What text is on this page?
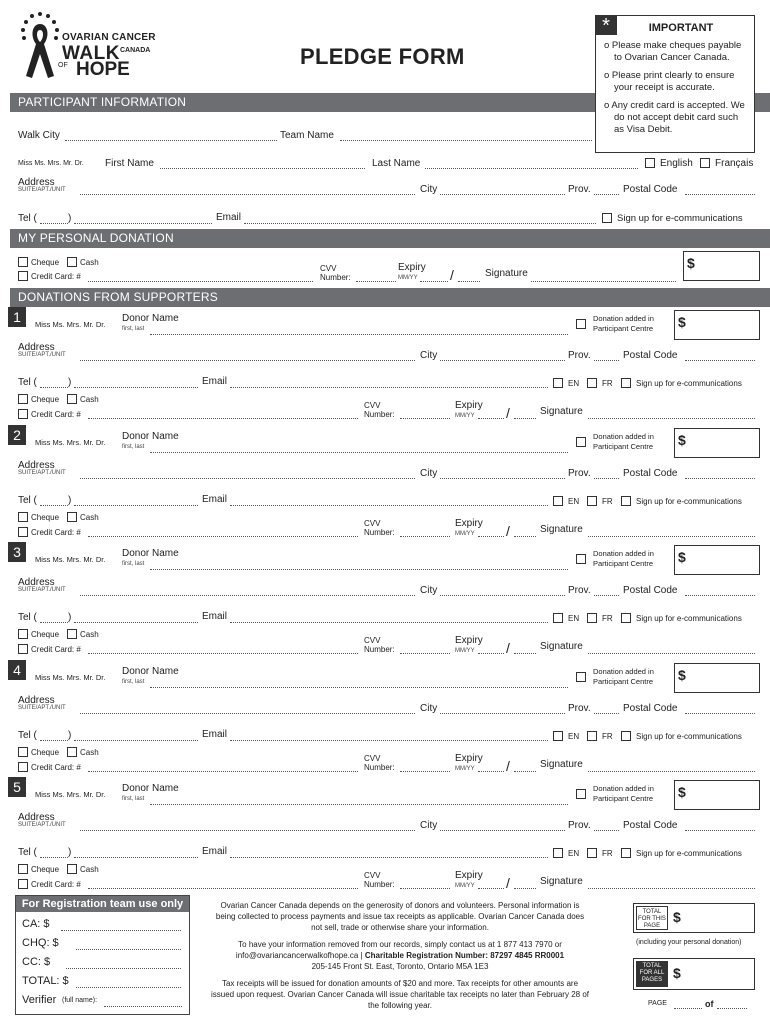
OVARIAN CANCER
WALK CANADA
OF HOPE
PLEDGE FORM
*	IMPORTANT
o Please make cheques payable to Ovarian Cancer Canada.
o Please print clearly to ensure your receipt is accurate.
o Any credit card is accepted. We do not accept debit card such as Visa Debit.
PARTICIPANT INFORMATION
Walk City	Team Name
Miss Ms. Mrs. Mr. Dr. First Name	Last Name	English Français
Address
SUITE/APT./UNIT	City	Prov.	Postal Code
Tel (	)	Email	Sign up for e-communications
MY PERSONAL DONATION
Cheque	Cash
Credit Card: #
CVV
Number:
Expiry
MM/YY /	Signature
$
DONATIONS FROM SUPPORTERS
1	Miss Ms. Mrs. Mr. Dr.
Donor Name
first, last
Donation added in Participant Centre	$
Address
SUITE/APT./UNIT	City	Prov.	Postal Code
Tel (	)	Email	EN	FR	Sign up for e-communications
Cheque	Cash
Credit Card: #
CVV
Number:
Expiry
MM/YY /	Signature
2	Miss Ms. Mrs. Mr. Dr.
Donor Name
first, last
Donation added in Participant Centre	$
Address
SUITE/APT./UNIT	City	Prov.	Postal Code
Tel (	)	Email	EN	FR	Sign up for e-communications
Cheque	Cash
Credit Card: #
CVV
Number:
Expiry
MM/YY /	Signature
3	Miss Ms. Mrs. Mr. Dr.
Donor Name
first, last
Donation added in Participant Centre	$
Address
SUITE/APT./UNIT	City	Prov.	Postal Code
Tel (	)	Email	EN	FR	Sign up for e-communications
Cheque	Cash
Credit Card: #
CVV
Number:
Expiry
MM/YY /	Signature
4	Miss Ms. Mrs. Mr. Dr.
Donor Name
first, last
Donation added in Participant Centre	$
Address
SUITE/APT./UNIT	City	Prov.	Postal Code
Tel (	)	Email	EN	FR	Sign up for e-communications
Cheque	Cash
Credit Card: #
CVV
Number:
Expiry
MM/YY /	Signature
5	Miss Ms. Mrs. Mr. Dr.
Donor Name
first, last
Donation added in Participant Centre	$
Address
SUITE/APT./UNIT	City	Prov.	Postal Code
Tel (	)	Email	EN	FR	Sign up for e-communications
Cheque	Cash
Credit Card: #
CVV
Number:
Expiry
MM/YY /	Signature
For Registration team use only
CA: $
CHQ: $
CC: $
TOTAL: $
Verifier (full name):
Ovarian Cancer Canada depends on the generosity of donors and volunteers. Personal information is being collected to process payments and issue tax receipts as applicable. Ovarian Cancer Canada does not sell, trade or otherwise share your information.
To have your information removed from our records, simply contact us at 1 877 413 7970 or info@ovariancancerwalkofhope.ca | Charitable Registration Number: 87297 4845 RR0001
205-145 Front St. East, Toronto, Ontario M5A 1E3
Tax receipts will be issued for donation amounts of $20 and more. Tax receipts for other amounts are issued upon request. Ovarian Cancer Canada will issue charitable tax receipts no later than February 28 of the following year.
TOTAL FOR THIS PAGE
$
(including your personal donation)
TOTAL FOR ALL PAGES $
PAGE	of
